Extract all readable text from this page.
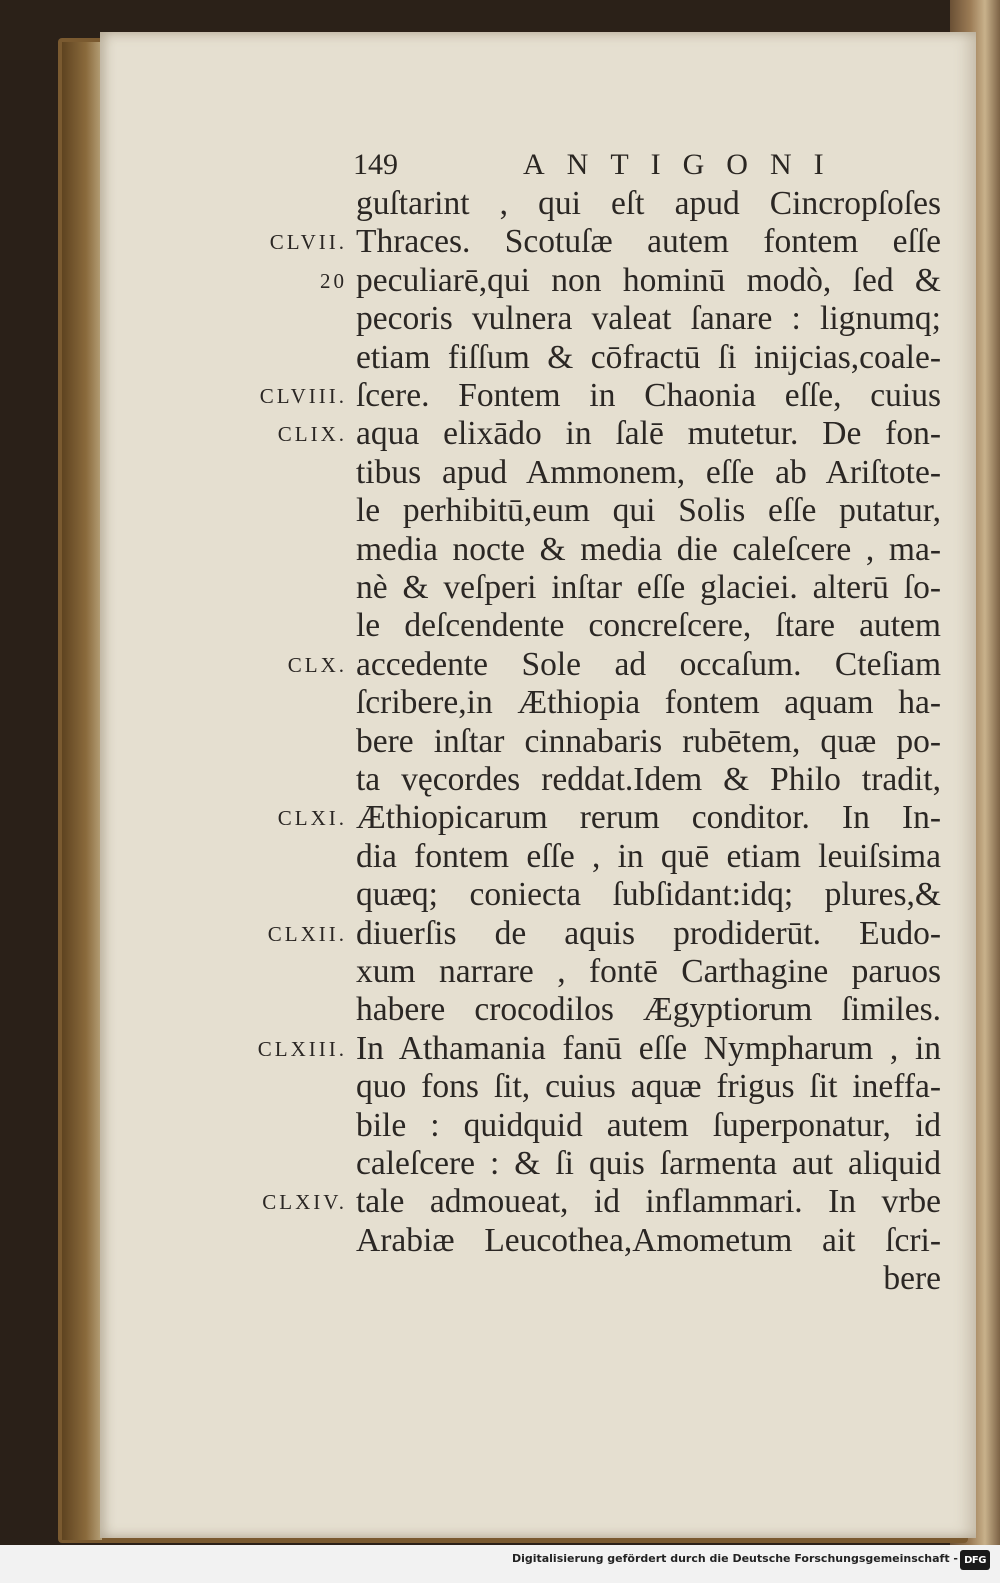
149	ANTIGONI
guſtarint , qui eſt apud Cincropſoſes
Thraces. Scotuſæ autem fontem eſſe
peculiarē,qui non hominū modò, ſed &
pecoris vulnera valeat ſanare : lignumq;
etiam fiſſum & cōfractū ſi inijcias,coale-
ſcere. Fontem in Chaonia eſſe, cuius
aqua elixādo in ſalē mutetur. De fon-
tibus apud Ammonem, eſſe ab Ariſtote-
le perhibitū,eum qui Solis eſſe putatur,
media nocte & media die caleſcere , ma-
nè & veſperi inſtar eſſe glaciei. alterū ſo-
le deſcendente concreſcere, ſtare autem
accedente Sole ad occaſum. Cteſiam
ſcribere,in Æthiopia fontem aquam ha-
bere inſtar cinnabaris rubētem, quæ po-
ta vęcordes reddat.Idem & Philo tradit,
Æthiopicarum rerum conditor. In In-
dia fontem eſſe , in quē etiam leuiſsima
quæq; coniecta ſubſidant:idq; plures,&
diuerſis de aquis prodiderūt. Eudo-
xum narrare , fontē Carthagine paruos
habere crocodilos Ægyptiorum ſimiles.
In Athamania fanū eſſe Nympharum , in
quo fons ſit, cuius aquæ frigus ſit ineffa-
bile : quidquid autem ſuperponatur, id
caleſcere : & ſi quis ſarmenta aut aliquid
tale admoueat, id inflammari. In vrbe
Arabiæ Leucothea,Amometum ait ſcri-
bere
CLVII.
20
CLVIII.
CLIX.
CLX.
CLXI.
CLXII.
CLXIII.
CLXIV.
Digitalisierung gefördert durch die Deutsche Forschungsgemeinschaft - DFG
